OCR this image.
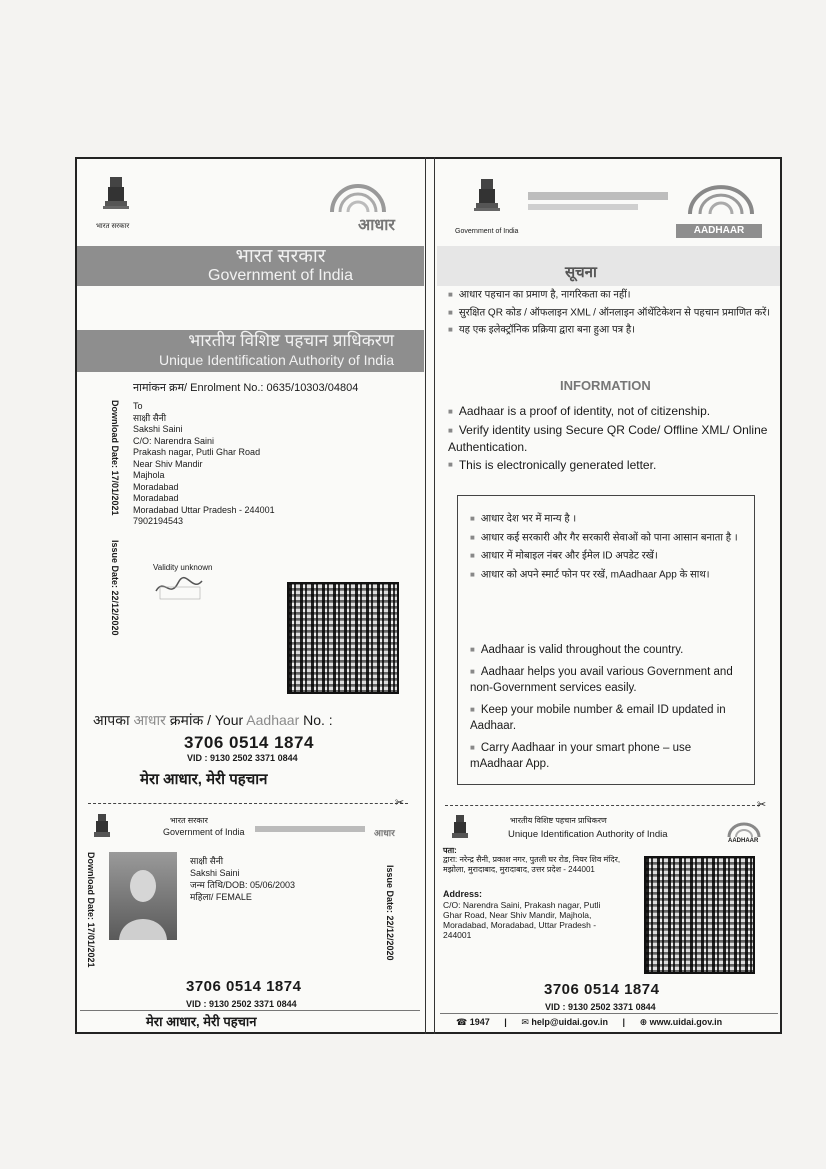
भारत सरकार	आधार
भारत सरकार
Government of India
भारतीय विशिष्ट पहचान प्राधिकरण
Unique Identification Authority of India
नामांकन क्रम/ Enrolment No.: 0635/10303/04804
Download Date: 17/01/2021
Issue Date: 22/12/2020
To
साक्षी सैनी
Sakshi Saini
C/O: Narendra Saini
Prakash nagar, Putli Ghar Road
Near Shiv Mandir
Majhola
Moradabad
Moradabad
Moradabad Uttar Pradesh - 244001
7902194543
Validity unknown
आपका आधार क्रमांक / Your Aadhaar No. :
3706 0514 1874
VID : 9130 2502 3371 0844
मेरा आधार, मेरी पहचान
✂
भारत सरकार
Government of India	आधार
Download Date: 17/01/2021	Issue Date: 22/12/2020
साक्षी सैनी
Sakshi Saini
जन्म तिथि/DOB: 05/06/2003
महिला/ FEMALE
3706 0514 1874
VID : 9130 2502 3371 0844
मेरा आधार, मेरी पहचान
Government of India	AADHAAR
सूचना
■ आधार पहचान का प्रमाण है, नागरिकता का नहीं।
■ सुरक्षित QR कोड / ऑफलाइन XML / ऑनलाइन ऑथेंटिकेशन से पहचान प्रमाणित करें।
■ यह एक इलेक्ट्रॉनिक प्रक्रिया द्वारा बना हुआ पत्र है।
INFORMATION
■ Aadhaar is a proof of identity, not of citizenship.
■ Verify identity using Secure QR Code/ Offline XML/ Online Authentication.
■ This is electronically generated letter.
■ आधार देश भर में मान्य है ।
■ आधार कई सरकारी और गैर सरकारी सेवाओं को पाना आसान बनाता है ।
■ आधार में मोबाइल नंबर और ईमेल ID अपडेट रखें।
■ आधार को अपने स्मार्ट फोन पर रखें, mAadhaar App के साथ।
■ Aadhaar is valid throughout the country.
■ Aadhaar helps you avail various Government and non-Government services easily.
■ Keep your mobile number & email ID updated in Aadhaar.
■ Carry Aadhaar in your smart phone – use mAadhaar App.
✂
भारतीय विशिष्ट पहचान प्राधिकरण
Unique Identification Authority of India
AADHAAR
पता:
द्वारा: नरेन्द्र सैनी, प्रकाश नगर, पुतली घर रोड, नियर शिव मंदिर, मझोला, मुरादाबाद, मुरादाबाद, उत्तर प्रदेश - 244001
Address:
C/O: Narendra Saini, Prakash nagar, Putli Ghar Road, Near Shiv Mandir, Majhola, Moradabad, Moradabad, Uttar Pradesh - 244001
3706 0514 1874
VID : 9130 2502 3371 0844
☎ 1947 | ✉ help@uidai.gov.in | ⊕ www.uidai.gov.in
